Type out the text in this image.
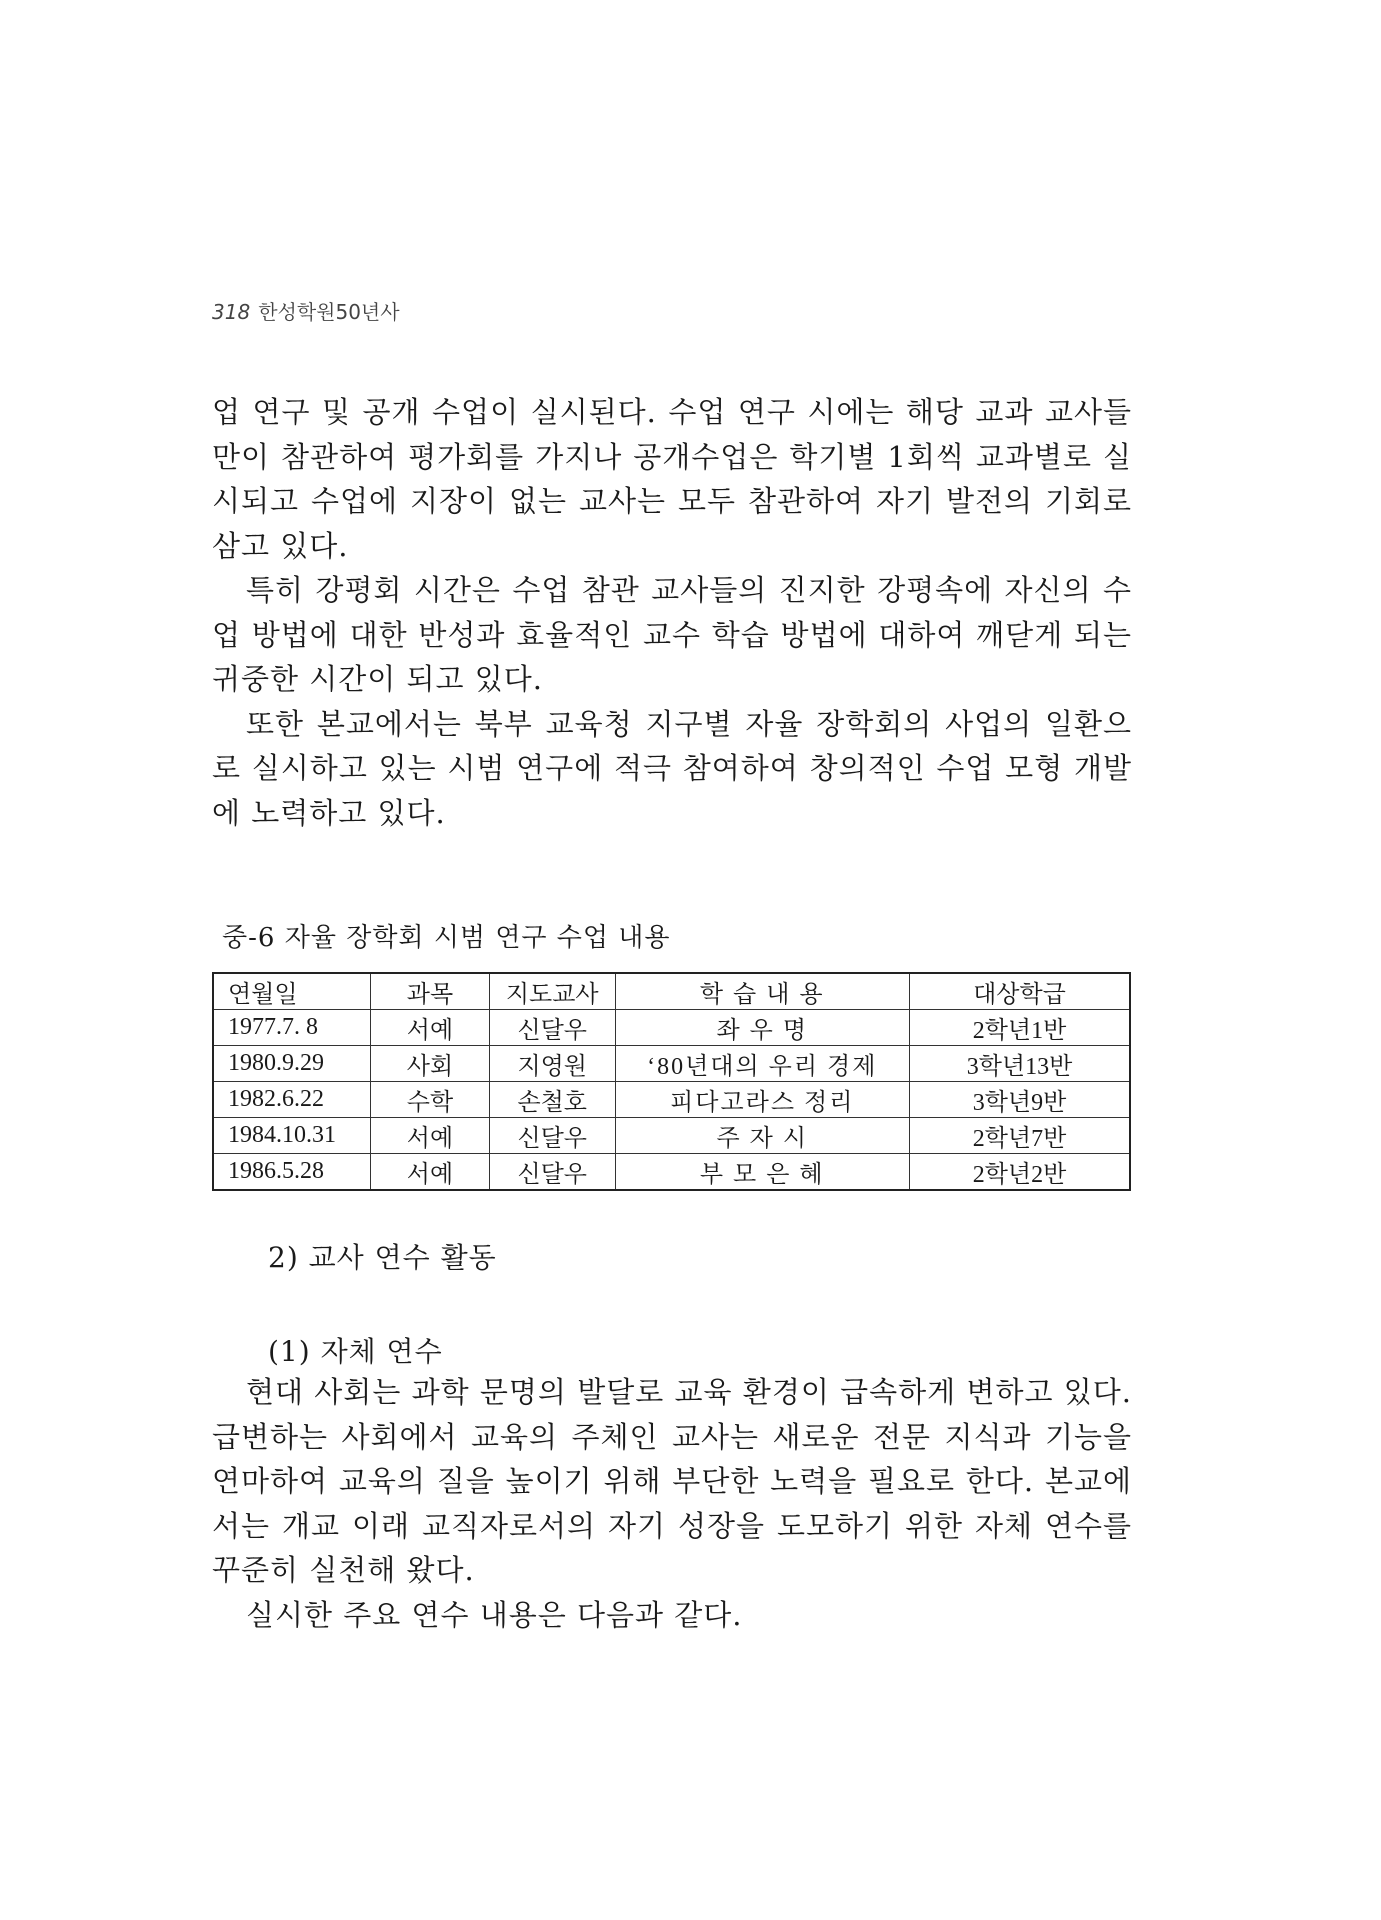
318 한성학원50년사

업 연구 및 공개 수업이 실시된다. 수업 연구 시에는 해당 교과 교사들만이 참관하여 평가회를 가지나 공개수업은 학기별 1회씩 교과별로 실시되고 수업에 지장이 없는 교사는 모두 참관하여 자기 발전의 기회로 삼고 있다.

특히 강평회 시간은 수업 참관 교사들의 진지한 강평속에 자신의 수업 방법에 대한 반성과 효율적인 교수 학습 방법에 대하여 깨닫게 되는 귀중한 시간이 되고 있다.

또한 본교에서는 북부 교육청 지구별 자율 장학회의 사업의 일환으로 실시하고 있는 시범 연구에 적극 참여하여 창의적인 수업 모형 개발에 노력하고 있다.

중-6 자율 장학회 시범 연구 수업 내용
연월일	과목	지도교사	학 습 내 용	대상학급
1977.7. 8	서예	신달우	좌 우 명	2학년1반
1980.9.29	사회	지영원	‘80년대의 우리 경제	3학년13반
1982.6.22	수학	손철호	피다고라스 정리	3학년9반
1984.10.31	서예	신달우	주 자 시	2학년7반
1986.5.28	서예	신달우	부 모 은 혜	2학년2반
2) 교사 연수 활동
(1) 자체 연수

현대 사회는 과학 문명의 발달로 교육 환경이 급속하게 변하고 있다. 급변하는 사회에서 교육의 주체인 교사는 새로운 전문 지식과 기능을 연마하여 교육의 질을 높이기 위해 부단한 노력을 필요로 한다. 본교에서는 개교 이래 교직자로서의 자기 성장을 도모하기 위한 자체 연수를 꾸준히 실천해 왔다.

실시한 주요 연수 내용은 다음과 같다.
